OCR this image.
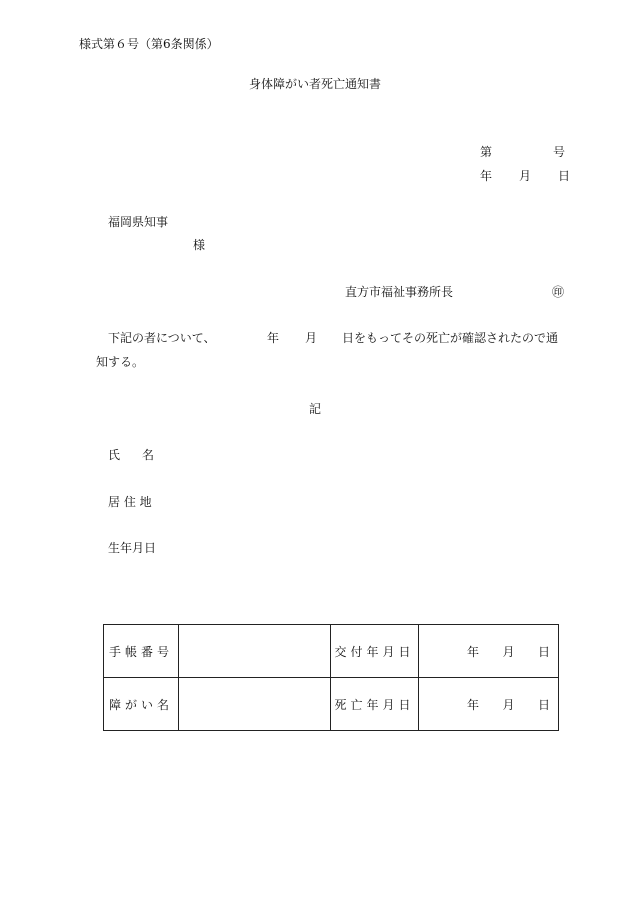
様式第６号（第6条関係）
身体障がい者死亡通知書
第	号
年 月 日
福岡県知事
様
直方市福祉事務所長	㊞
下記の者について、	年 月 日をもってその死亡が確認されたので通
知する。
記
氏 名
居 住 地
生年月日
手帳番号		交付年月日	年 月 日

障がい名		死亡年月日	年 月 日
